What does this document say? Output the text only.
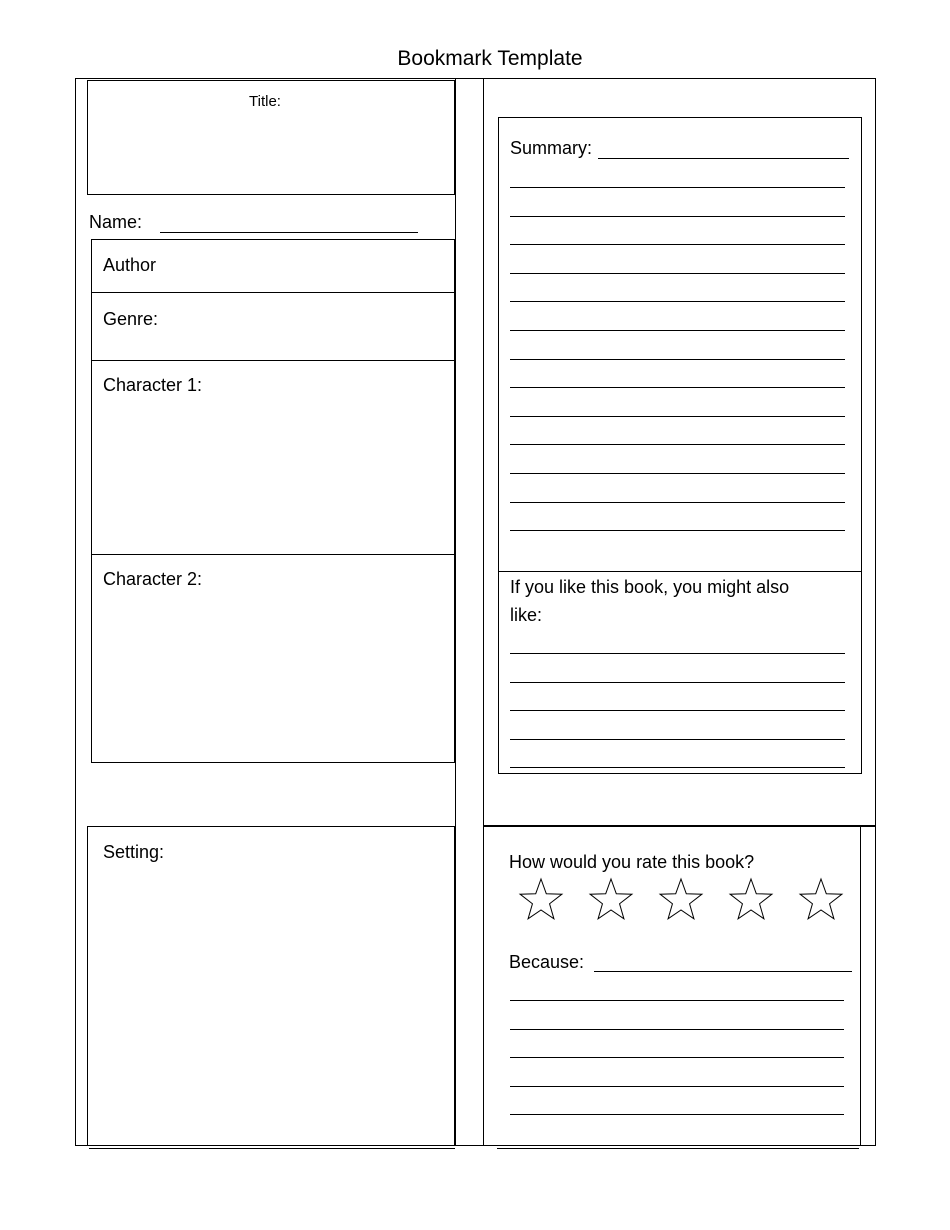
Bookmark Template
Title:
Name:
Author
Genre:
Character 1:
Character 2:
Setting:
Summary:
If you like this book, you might also
like:
How would you rate this book?
Because:
